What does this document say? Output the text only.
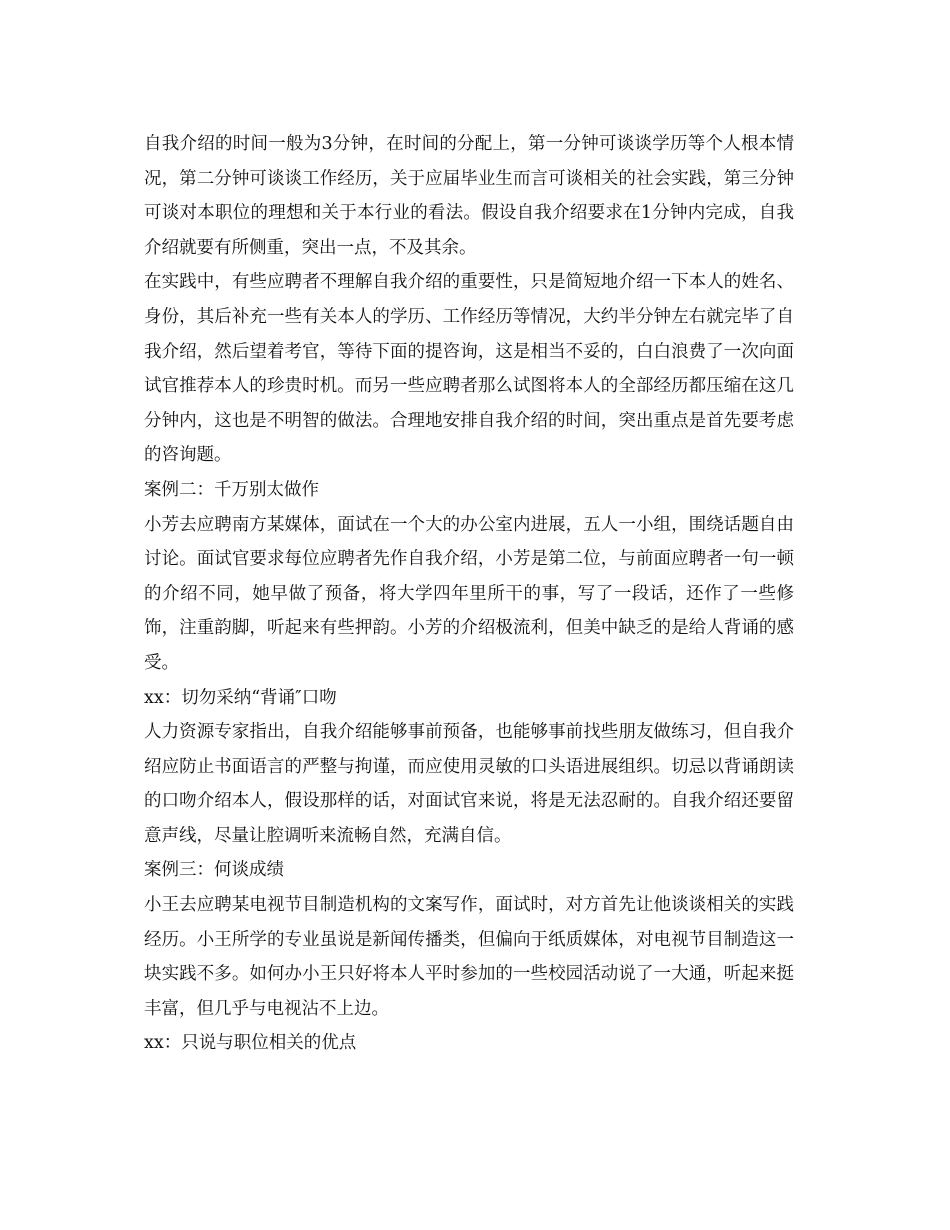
自我介绍的时间一般为3分钟，在时间的分配上，第一分钟可谈谈学历等个人根本情况，第二分钟可谈谈工作经历，关于应届毕业生而言可谈相关的社会实践，第三分钟可谈对本职位的理想和关于本行业的看法。假设自我介绍要求在1分钟内完成，自我介绍就要有所侧重，突出一点，不及其余。

在实践中，有些应聘者不理解自我介绍的重要性，只是简短地介绍一下本人的姓名、身份，其后补充一些有关本人的学历、工作经历等情况，大约半分钟左右就完毕了自我介绍，然后望着考官，等待下面的提咨询，这是相当不妥的，白白浪费了一次向面试官推荐本人的珍贵时机。而另一些应聘者那么试图将本人的全部经历都压缩在这几分钟内，这也是不明智的做法。合理地安排自我介绍的时间，突出重点是首先要考虑的咨询题。

案例二：千万别太做作

小芳去应聘南方某媒体，面试在一个大的办公室内进展，五人一小组，围绕话题自由讨论。面试官要求每位应聘者先作自我介绍，小芳是第二位，与前面应聘者一句一顿的介绍不同，她早做了预备，将大学四年里所干的事，写了一段话，还作了一些修饰，注重韵脚，听起来有些押韵。小芳的介绍极流利，但美中缺乏的是给人背诵的感受。

xx：切勿采纳“背诵″口吻

人力资源专家指出，自我介绍能够事前预备，也能够事前找些朋友做练习，但自我介绍应防止书面语言的严整与拘谨，而应使用灵敏的口头语进展组织。切忌以背诵朗读的口吻介绍本人，假设那样的话，对面试官来说，将是无法忍耐的。自我介绍还要留意声线，尽量让腔调听来流畅自然，充满自信。

案例三：何谈成绩

小王去应聘某电视节目制造机构的文案写作，面试时，对方首先让他谈谈相关的实践经历。小王所学的专业虽说是新闻传播类，但偏向于纸质媒体，对电视节目制造这一块实践不多。如何办小王只好将本人平时参加的一些校园活动说了一大通，听起来挺丰富，但几乎与电视沾不上边。

xx：只说与职位相关的优点
